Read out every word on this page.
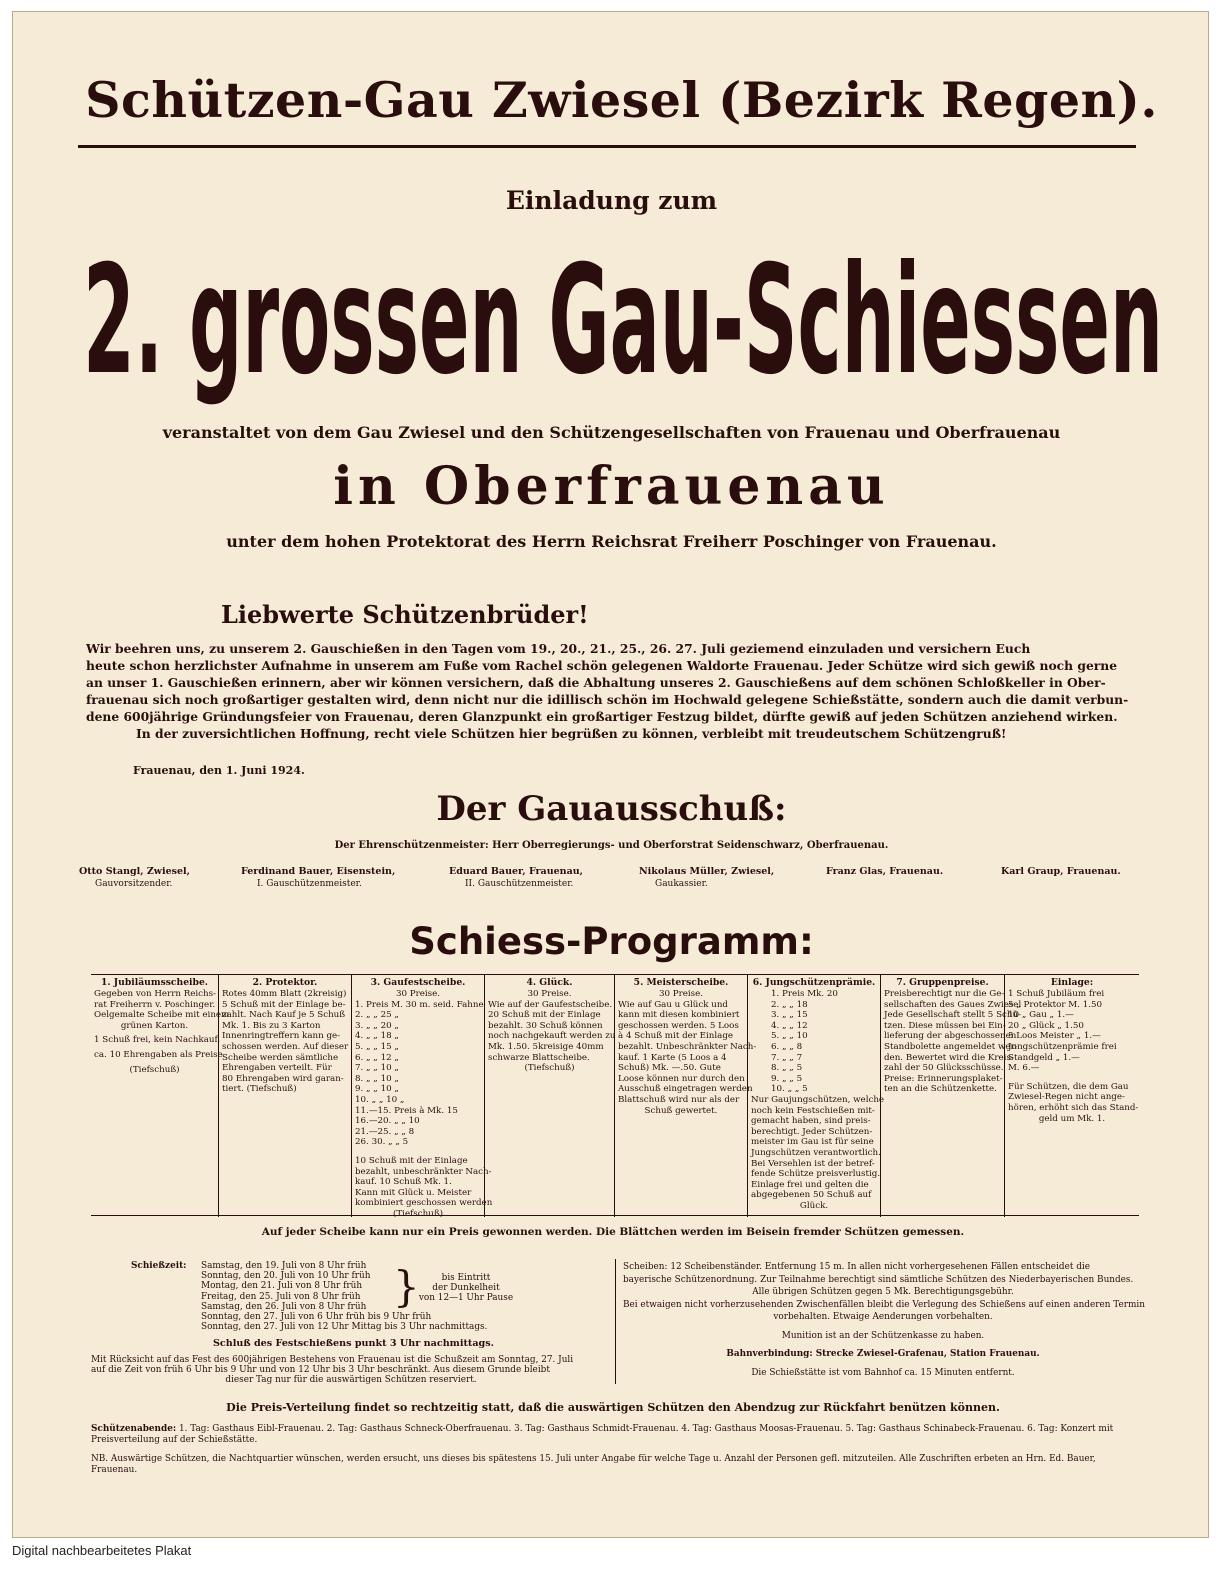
Schützen-Gau Zwiesel (Bezirk Regen).
Einladung zum
2. grossen Gau-Schiessen
veranstaltet von dem Gau Zwiesel und den Schützengesellschaften von Frauenau und Oberfrauenau
in Oberfrauenau
unter dem hohen Protektorat des Herrn Reichsrat Freiherr Poschinger von Frauenau.
Liebwerte Schützenbrüder!
Wir beehren uns, zu unserem 2. Gauschießen in den Tagen vom 19., 20., 21., 25., 26. 27. Juli geziemend einzuladen und versichern Euch
heute schon herzlichster Aufnahme in unserem am Fuße vom Rachel schön gelegenen Waldorte Frauenau. Jeder Schütze wird sich gewiß noch gerne
an unser 1. Gauschießen erinnern, aber wir können versichern, daß die Abhaltung unseres 2. Gauschießens auf dem schönen Schloßkeller in Ober-
frauenau sich noch großartiger gestalten wird, denn nicht nur die idillisch schön im Hochwald gelegene Schießstätte, sondern auch die damit verbun-
dene 600jährige Gründungsfeier von Frauenau, deren Glanzpunkt ein großartiger Festzug bildet, dürfte gewiß auf jeden Schützen anziehend wirken.
In der zuversichtlichen Hoffnung, recht viele Schützen hier begrüßen zu können, verbleibt mit treudeutschem Schützengruß!
Frauenau, den 1. Juni 1924.
Der Gauausschuß:
Der Ehrenschützenmeister: Herr Oberregierungs- und Oberforstrat Seidenschwarz, Oberfrauenau.
Otto Stangl, Zwiesel,
Gauvorsitzender.
Ferdinand Bauer, Eisenstein,
I. Gauschützenmeister.
Eduard Bauer, Frauenau,
II. Gauschützenmeister.
Nikolaus Müller, Zwiesel,
Gaukassier.
Franz Glas, Frauenau.	Karl Graup, Frauenau.
Schiess-Programm:
1. Jubiläumsscheibe.
Gegeben von Herrn Reichs-
rat Freiherrn v. Poschinger.
Oelgemalte Scheibe mit einem
grünen Karton.
1 Schuß frei, kein Nachkauf.
ca. 10 Ehrengaben als Preise
(Tiefschuß)
2. Protektor.
Rotes 40mm Blatt (2kreisig)
5 Schuß mit der Einlage be-
zahlt. Nach Kauf je 5 Schuß
Mk. 1. Bis zu 3 Karton
Innenringtreffern kann ge-
schossen werden. Auf dieser
Scheibe werden sämtliche
Ehrengaben verteilt. Für
80 Ehrengaben wird garan-
tiert. (Tiefschuß)
3. Gaufestscheibe.
30 Preise.
1. Preis M. 30 m. seid. Fahne
2. „ „ 25 „
3. „ „ 20 „
4. „ „ 18 „
5. „ „ 15 „
6. „ „ 12 „
7. „ „ 10 „
8. „ „ 10 „
9. „ „ 10 „
10. „ „ 10 „
11.—15. Preis à Mk. 15
16.—20. „ „ 10
21.—25. „ „ 8
26. 30. „ „ 5
10 Schuß mit der Einlage
bezahlt, unbeschränkter Nach-
kauf. 10 Schuß Mk. 1.
Kann mit Glück u. Meister
kombiniert geschossen werden
(Tiefschuß)
4. Glück.
30 Preise.
Wie auf der Gaufestscheibe.
20 Schuß mit der Einlage
bezahlt. 30 Schuß können
noch nachgekauft werden zu
Mk. 1.50. 5kreisige 40mm
schwarze Blattscheibe.
(Tiefschuß)
5. Meisterscheibe.
30 Preise.
Wie auf Gau u Glück und
kann mit diesen kombiniert
geschossen werden. 5 Loos
à 4 Schuß mit der Einlage
bezahlt. Unbeschränkter Nach-
kauf. 1 Karte (5 Loos a 4
Schuß) Mk. —.50. Gute
Loose können nur durch den
Ausschuß eingetragen werden
Blattschuß wird nur als der
Schuß gewertet.
6. Jungschützenprämie.
1. Preis Mk. 20
2. „ „ 18
3. „ „ 15
4. „ „ 12
5. „ „ 10
6. „ „ 8
7. „ „ 7
8. „ „ 5
9. „ „ 5
10. „ „ 5
Nur Gaujungschützen, welche
noch kein Festschießen mit-
gemacht haben, sind preis-
berechtigt. Jeder Schützen-
meister im Gau ist für seine
Jungschützen verantwortlich.
Bei Versehlen ist der betref-
fende Schütze preisverlustig.
Einlage frei und gelten die
abgegebenen 50 Schuß auf
Glück.
7. Gruppenpreise.
Preisberechtigt nur die Ge-
sellschaften des Gaues Zwiesel
Jede Gesellschaft stellt 5 Schü-
tzen. Diese müssen bei Ein-
lieferung der abgeschossenen
Standbolette angemeldet wer-
den. Bewertet wird die Kreis-
zahl der 50 Glücksschüsse.
Preise: Erinnerungsplaket-
ten an die Schützenkette.
Einlage:
1 Schuß Jubiläum frei
5 „ Protektor M. 1.50
10 „ Gau „ 1.—
20 „ Glück „ 1.50
5 Loos Meister „ 1.—
Jungschützenprämie frei
Standgeld „ 1.—
M. 6.—
Für Schützen, die dem Gau
Zwiesel-Regen nicht ange-
hören, erhöht sich das Stand-
geld um Mk. 1.
Auf jeder Scheibe kann nur ein Preis gewonnen werden. Die Blättchen werden im Beisein fremder Schützen gemessen.
Schießzeit: Samstag, den 19. Juli von 8 Uhr früh
Sonntag, den 20. Juli von 10 Uhr früh
Montag, den 21. Juli von 8 Uhr früh
Freitag, den 25. Juli von 8 Uhr früh
Samstag, den 26. Juli von 8 Uhr früh
Sonntag, den 27. Juli von 6 Uhr früh bis 9 Uhr früh
Sonntag, den 27. Juli von 12 Uhr Mittag bis 3 Uhr nachmittags.
}	bis Eintritt
der Dunkelheit
von 12—1 Uhr Pause
Schluß des Festschießens punkt 3 Uhr nachmittags.
Mit Rücksicht auf das Fest des 600jährigen Bestehens von Frauenau ist die Schußzeit am Sonntag, 27. Juli
auf die Zeit von früh 6 Uhr bis 9 Uhr und von 12 Uhr bis 3 Uhr beschränkt. Aus diesem Grunde bleibt
dieser Tag nur für die auswärtigen Schützen reserviert.
Scheiben: 12 Scheibenständer. Entfernung 15 m. In allen nicht vorhergesehenen Fällen entscheidet die
bayerische Schützenordnung. Zur Teilnahme berechtigt sind sämtliche Schützen des Niederbayerischen Bundes.
Alle übrigen Schützen gegen 5 Mk. Berechtigungsgebühr.
Bei etwaigen nicht vorherzusehenden Zwischenfällen bleibt die Verlegung des Schießens auf einen anderen Termin
vorbehalten. Etwaige Aenderungen vorbehalten.
Munition ist an der Schützenkasse zu haben.
Bahnverbindung: Strecke Zwiesel-Grafenau, Station Frauenau.
Die Schießstätte ist vom Bahnhof ca. 15 Minuten entfernt.
Die Preis-Verteilung findet so rechtzeitig statt, daß die auswärtigen Schützen den Abendzug zur Rückfahrt benützen können.
Schützenabende: 1. Tag: Gasthaus Eibl-Frauenau. 2. Tag: Gasthaus Schneck-Oberfrauenau. 3. Tag: Gasthaus Schmidt-Frauenau. 4. Tag: Gasthaus Moosas-Frauenau. 5. Tag: Gasthaus Schinabeck-Frauenau. 6. Tag: Konzert mit Preisverteilung auf der Schießstätte.
NB. Auswärtige Schützen, die Nachtquartier wünschen, werden ersucht, uns dieses bis spätestens 15. Juli unter Angabe für welche Tage u. Anzahl der Personen gefl. mitzuteilen. Alle Zuschriften erbeten an Hrn. Ed. Bauer, Frauenau.
Digital nachbearbeitetes Plakat
